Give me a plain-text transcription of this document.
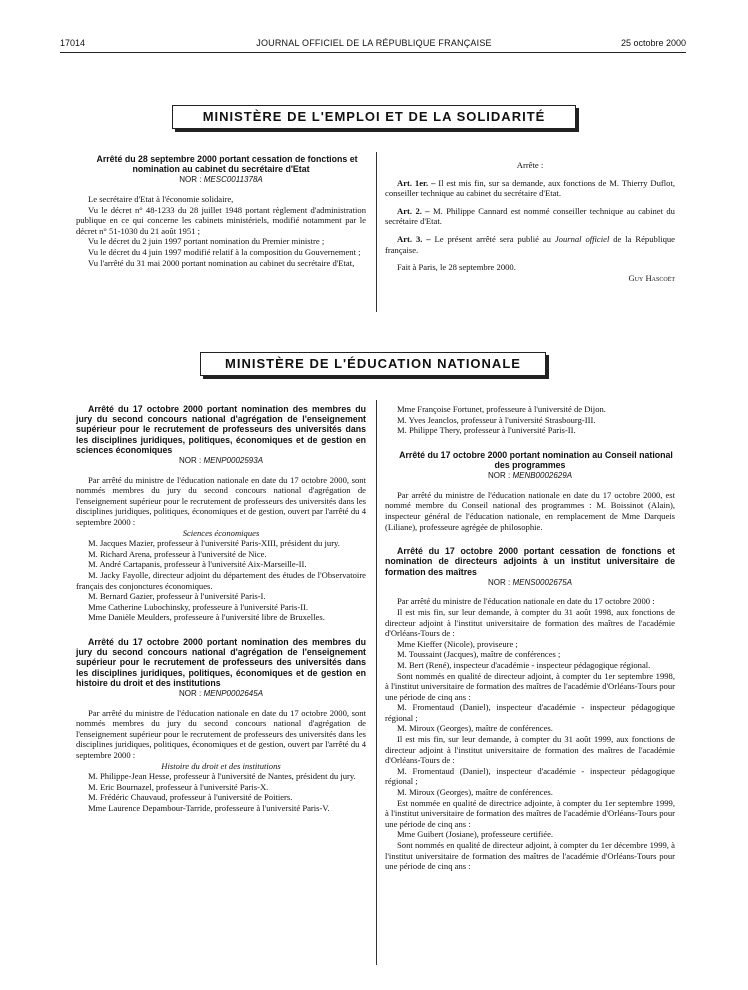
17014	JOURNAL OFFICIEL DE LA RÉPUBLIQUE FRANÇAISE	25 octobre 2000
MINISTÈRE DE L'EMPLOI ET DE LA SOLIDARITÉ

Arrêté du 28 septembre 2000 portant cessation de fonctions et nomination au cabinet du secrétaire d'Etat

NOR : MESC0011378A

Le secrétaire d'Etat à l'économie solidaire,

Vu le décret n° 48-1233 du 28 juillet 1948 portant règlement d'administration publique en ce qui concerne les cabinets ministériels, modifié notamment par le décret n° 51-1030 du 21 août 1951 ;

Vu le décret du 2 juin 1997 portant nomination du Premier ministre ;

Vu le décret du 4 juin 1997 modifié relatif à la composition du Gouvernement ;

Vu l'arrêté du 31 mai 2000 portant nomination au cabinet du secrétaire d'Etat,

Arrête :

Art. 1er. – Il est mis fin, sur sa demande, aux fonctions de M. Thierry Duflot, conseiller technique au cabinet du secrétaire d'Etat.

Art. 2. – M. Philippe Cannard est nommé conseiller technique au cabinet du secrétaire d'Etat.

Art. 3. – Le présent arrêté sera publié au Journal officiel de la République française.

Fait à Paris, le 28 septembre 2000.

Guy Hascoët

MINISTÈRE DE L'ÉDUCATION NATIONALE

Arrêté du 17 octobre 2000 portant nomination des membres du jury du second concours national d'agrégation de l'enseignement supérieur pour le recrutement de professeurs des universités dans les disciplines juridiques, politiques, économiques et de gestion en sciences économiques

NOR : MENP0002593A

Par arrêté du ministre de l'éducation nationale en date du 17 octobre 2000, sont nommés membres du jury du second concours national d'agrégation de l'enseignement supérieur pour le recrutement de professeurs des universités dans les disciplines juridiques, politiques, économiques et de gestion, ouvert par l'arrêté du 4 septembre 2000 :

Sciences économiques

M. Jacques Mazier, professeur à l'université Paris-XIII, président du jury.

M. Richard Arena, professeur à l'université de Nice.

M. André Cartapanis, professeur à l'université Aix-Marseille-II.

M. Jacky Fayolle, directeur adjoint du département des études de l'Observatoire français des conjonctures économiques.

M. Bernard Gazier, professeur à l'université Paris-I.

Mme Catherine Lubochinsky, professeure à l'université Paris-II.

Mme Danièle Meulders, professeure à l'université libre de Bruxelles.

Arrêté du 17 octobre 2000 portant nomination des membres du jury du second concours national d'agrégation de l'enseignement supérieur pour le recrutement de professeurs des universités dans les disciplines juridiques, politiques, économiques et de gestion en histoire du droit et des institutions

NOR : MENP0002645A

Par arrêté du ministre de l'éducation nationale en date du 17 octobre 2000, sont nommés membres du jury du second concours national d'agrégation de l'enseignement supérieur pour le recrutement de professeurs des universités dans les disciplines juridiques, politiques, économiques et de gestion, ouvert par l'arrêté du 4 septembre 2000 :

Histoire du droit et des institutions

M. Philippe-Jean Hesse, professeur à l'université de Nantes, président du jury.

M. Eric Bournazel, professeur à l'université Paris-X.

M. Frédéric Chauvaud, professeur à l'université de Poitiers.

Mme Laurence Depambour-Tarride, professeure à l'université Paris-V.

Mme Françoise Fortunet, professeure à l'université de Dijon.

M. Yves Jeanclos, professeur à l'université Strasbourg-III.

M. Philippe Thery, professeur à l'université Paris-II.

Arrêté du 17 octobre 2000 portant nomination au Conseil national des programmes

NOR : MENB0002629A

Par arrêté du ministre de l'éducation nationale en date du 17 octobre 2000, est nommé membre du Conseil national des programmes : M. Boissinot (Alain), inspecteur général de l'éducation nationale, en remplacement de Mme Darqueis (Liliane), professeure agrégée de philosophie.

Arrêté du 17 octobre 2000 portant cessation de fonctions et nomination de directeurs adjoints à un institut universitaire de formation des maîtres

NOR : MENS0002675A

Par arrêté du ministre de l'éducation nationale en date du 17 octobre 2000 :

Il est mis fin, sur leur demande, à compter du 31 août 1998, aux fonctions de directeur adjoint à l'institut universitaire de formation des maîtres de l'académie d'Orléans-Tours de :

Mme Kieffer (Nicole), proviseure ;

M. Toussaint (Jacques), maître de conférences ;

M. Bert (René), inspecteur d'académie - inspecteur pédagogique régional.

Sont nommés en qualité de directeur adjoint, à compter du 1er septembre 1998, à l'institut universitaire de formation des maîtres de l'académie d'Orléans-Tours pour une période de cinq ans :

M. Fromentaud (Daniel), inspecteur d'académie - inspecteur pédagogique régional ;

M. Miroux (Georges), maître de conférences.

Il est mis fin, sur leur demande, à compter du 31 août 1999, aux fonctions de directeur adjoint à l'institut universitaire de formation des maîtres de l'académie d'Orléans-Tours de :

M. Fromentaud (Daniel), inspecteur d'académie - inspecteur pédagogique régional ;

M. Miroux (Georges), maître de conférences.

Est nommée en qualité de directrice adjointe, à compter du 1er septembre 1999, à l'institut universitaire de formation des maîtres de l'académie d'Orléans-Tours pour une période de cinq ans :

Mme Guibert (Josiane), professeure certifiée.

Sont nommés en qualité de directeur adjoint, à compter du 1er décembre 1999, à l'institut universitaire de formation des maîtres de l'académie d'Orléans-Tours pour une période de cinq ans :
